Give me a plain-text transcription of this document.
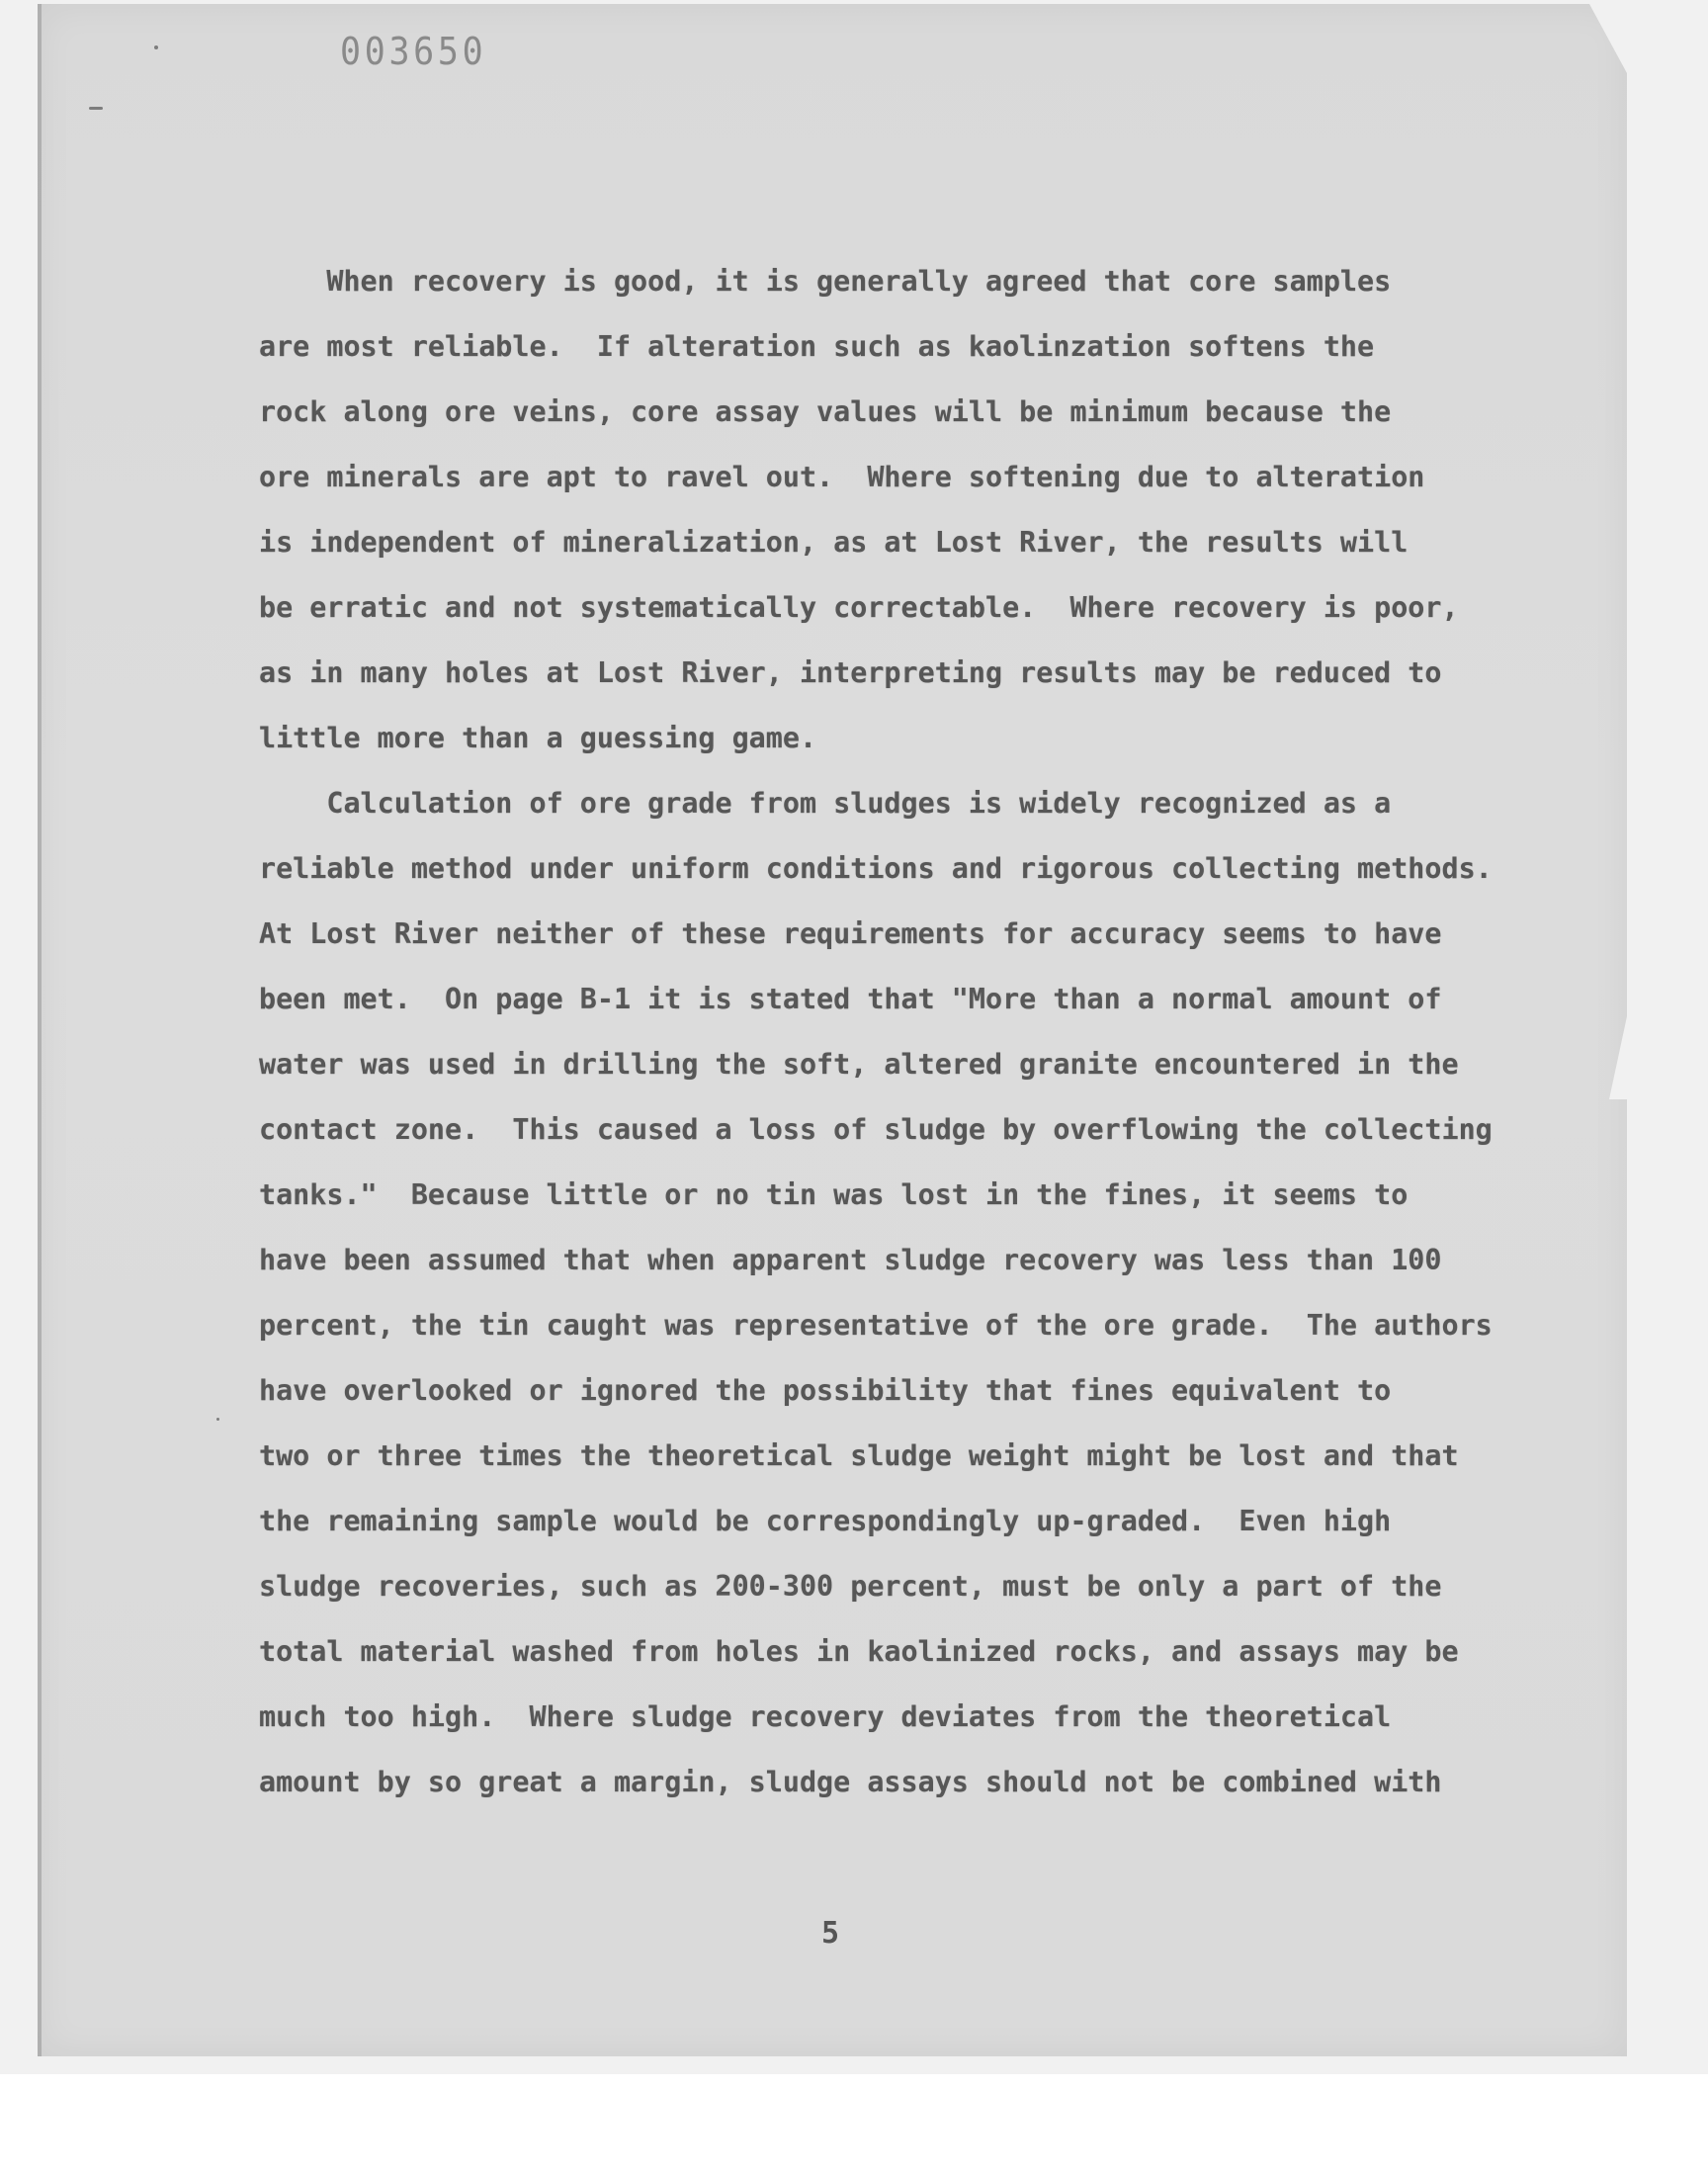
003650
When recovery is good, it is generally agreed that core samples
are most reliable.  If alteration such as kaolinzation softens the
rock along ore veins, core assay values will be minimum because the
ore minerals are apt to ravel out.  Where softening due to alteration
is independent of mineralization, as at Lost River, the results will
be erratic and not systematically correctable.  Where recovery is poor,
as in many holes at Lost River, interpreting results may be reduced to
little more than a guessing game.
Calculation of ore grade from sludges is widely recognized as a
reliable method under uniform conditions and rigorous collecting methods.
At Lost River neither of these requirements for accuracy seems to have
been met.  On page B-1 it is stated that "More than a normal amount of
water was used in drilling the soft, altered granite encountered in the
contact zone.  This caused a loss of sludge by overflowing the collecting
tanks."  Because little or no tin was lost in the fines, it seems to
have been assumed that when apparent sludge recovery was less than 100
percent, the tin caught was representative of the ore grade.  The authors
have overlooked or ignored the possibility that fines equivalent to
two or three times the theoretical sludge weight might be lost and that
the remaining sample would be correspondingly up-graded.  Even high
sludge recoveries, such as 200-300 percent, must be only a part of the
total material washed from holes in kaolinized rocks, and assays may be
much too high.  Where sludge recovery deviates from the theoretical
amount by so great a margin, sludge assays should not be combined with
5
